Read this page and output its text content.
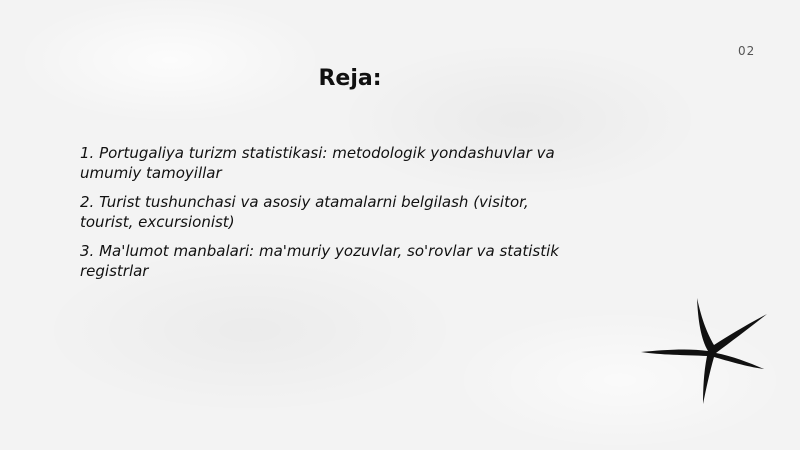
02
Reja:
1. Portugaliya turizm statistikasi: metodologik yondashuvlar va umumiy tamoyillar
2. Turist tushunchasi va asosiy atamalarni belgilash (visitor, tourist, excursionist)
3. Ma'lumot manbalari: ma'muriy yozuvlar, so'rovlar va statistik registrlar
